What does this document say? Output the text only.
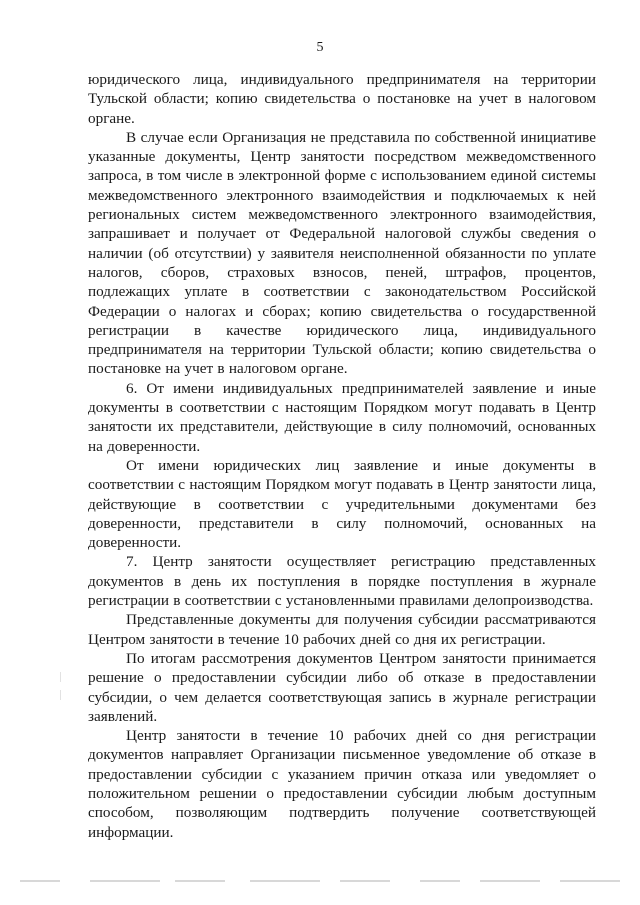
5

юридического лица, индивидуального предпринимателя на территории Тульской области; копию свидетельства о постановке на учет в налоговом органе.

В случае если Организация не представила по собственной инициативе указанные документы, Центр занятости посредством межведомственного запроса, в том числе в электронной форме с использованием единой системы межведомственного электронного взаимодействия и подключаемых к ней региональных систем межведомственного электронного взаимодействия, запрашивает и получает от Федеральной налоговой службы сведения о наличии (об отсутствии) у заявителя неисполненной обязанности по уплате налогов, сборов, страховых взносов, пеней, штрафов, процентов, подлежащих уплате в соответствии с законодательством Российской Федерации о налогах и сборах; копию свидетельства о государственной регистрации в качестве юридического лица, индивидуального предпринимателя на территории Тульской области; копию свидетельства о постановке на учет в налоговом органе.

6. От имени индивидуальных предпринимателей заявление и иные документы в соответствии с настоящим Порядком могут подавать в Центр занятости их представители, действующие в силу полномочий, основанных на доверенности.

От имени юридических лиц заявление и иные документы в соответствии с настоящим Порядком могут подавать в Центр занятости лица, действующие в соответствии с учредительными документами без доверенности, представители в силу полномочий, основанных на доверенности.

7. Центр занятости осуществляет регистрацию представленных документов в день их поступления в порядке поступления в журнале регистрации в соответствии с установленными правилами делопроизводства.

Представленные документы для получения субсидии рассматриваются Центром занятости в течение 10 рабочих дней со дня их регистрации.

По итогам рассмотрения документов Центром занятости принимается решение о предоставлении субсидии либо об отказе в предоставлении субсидии, о чем делается соответствующая запись в журнале регистрации заявлений.

Центр занятости в течение 10 рабочих дней со дня регистрации документов направляет Организации письменное уведомление об отказе в предоставлении субсидии с указанием причин отказа или уведомляет о положительном решении о предоставлении субсидии любым доступным способом, позволяющим подтвердить получение соответствующей информации.
